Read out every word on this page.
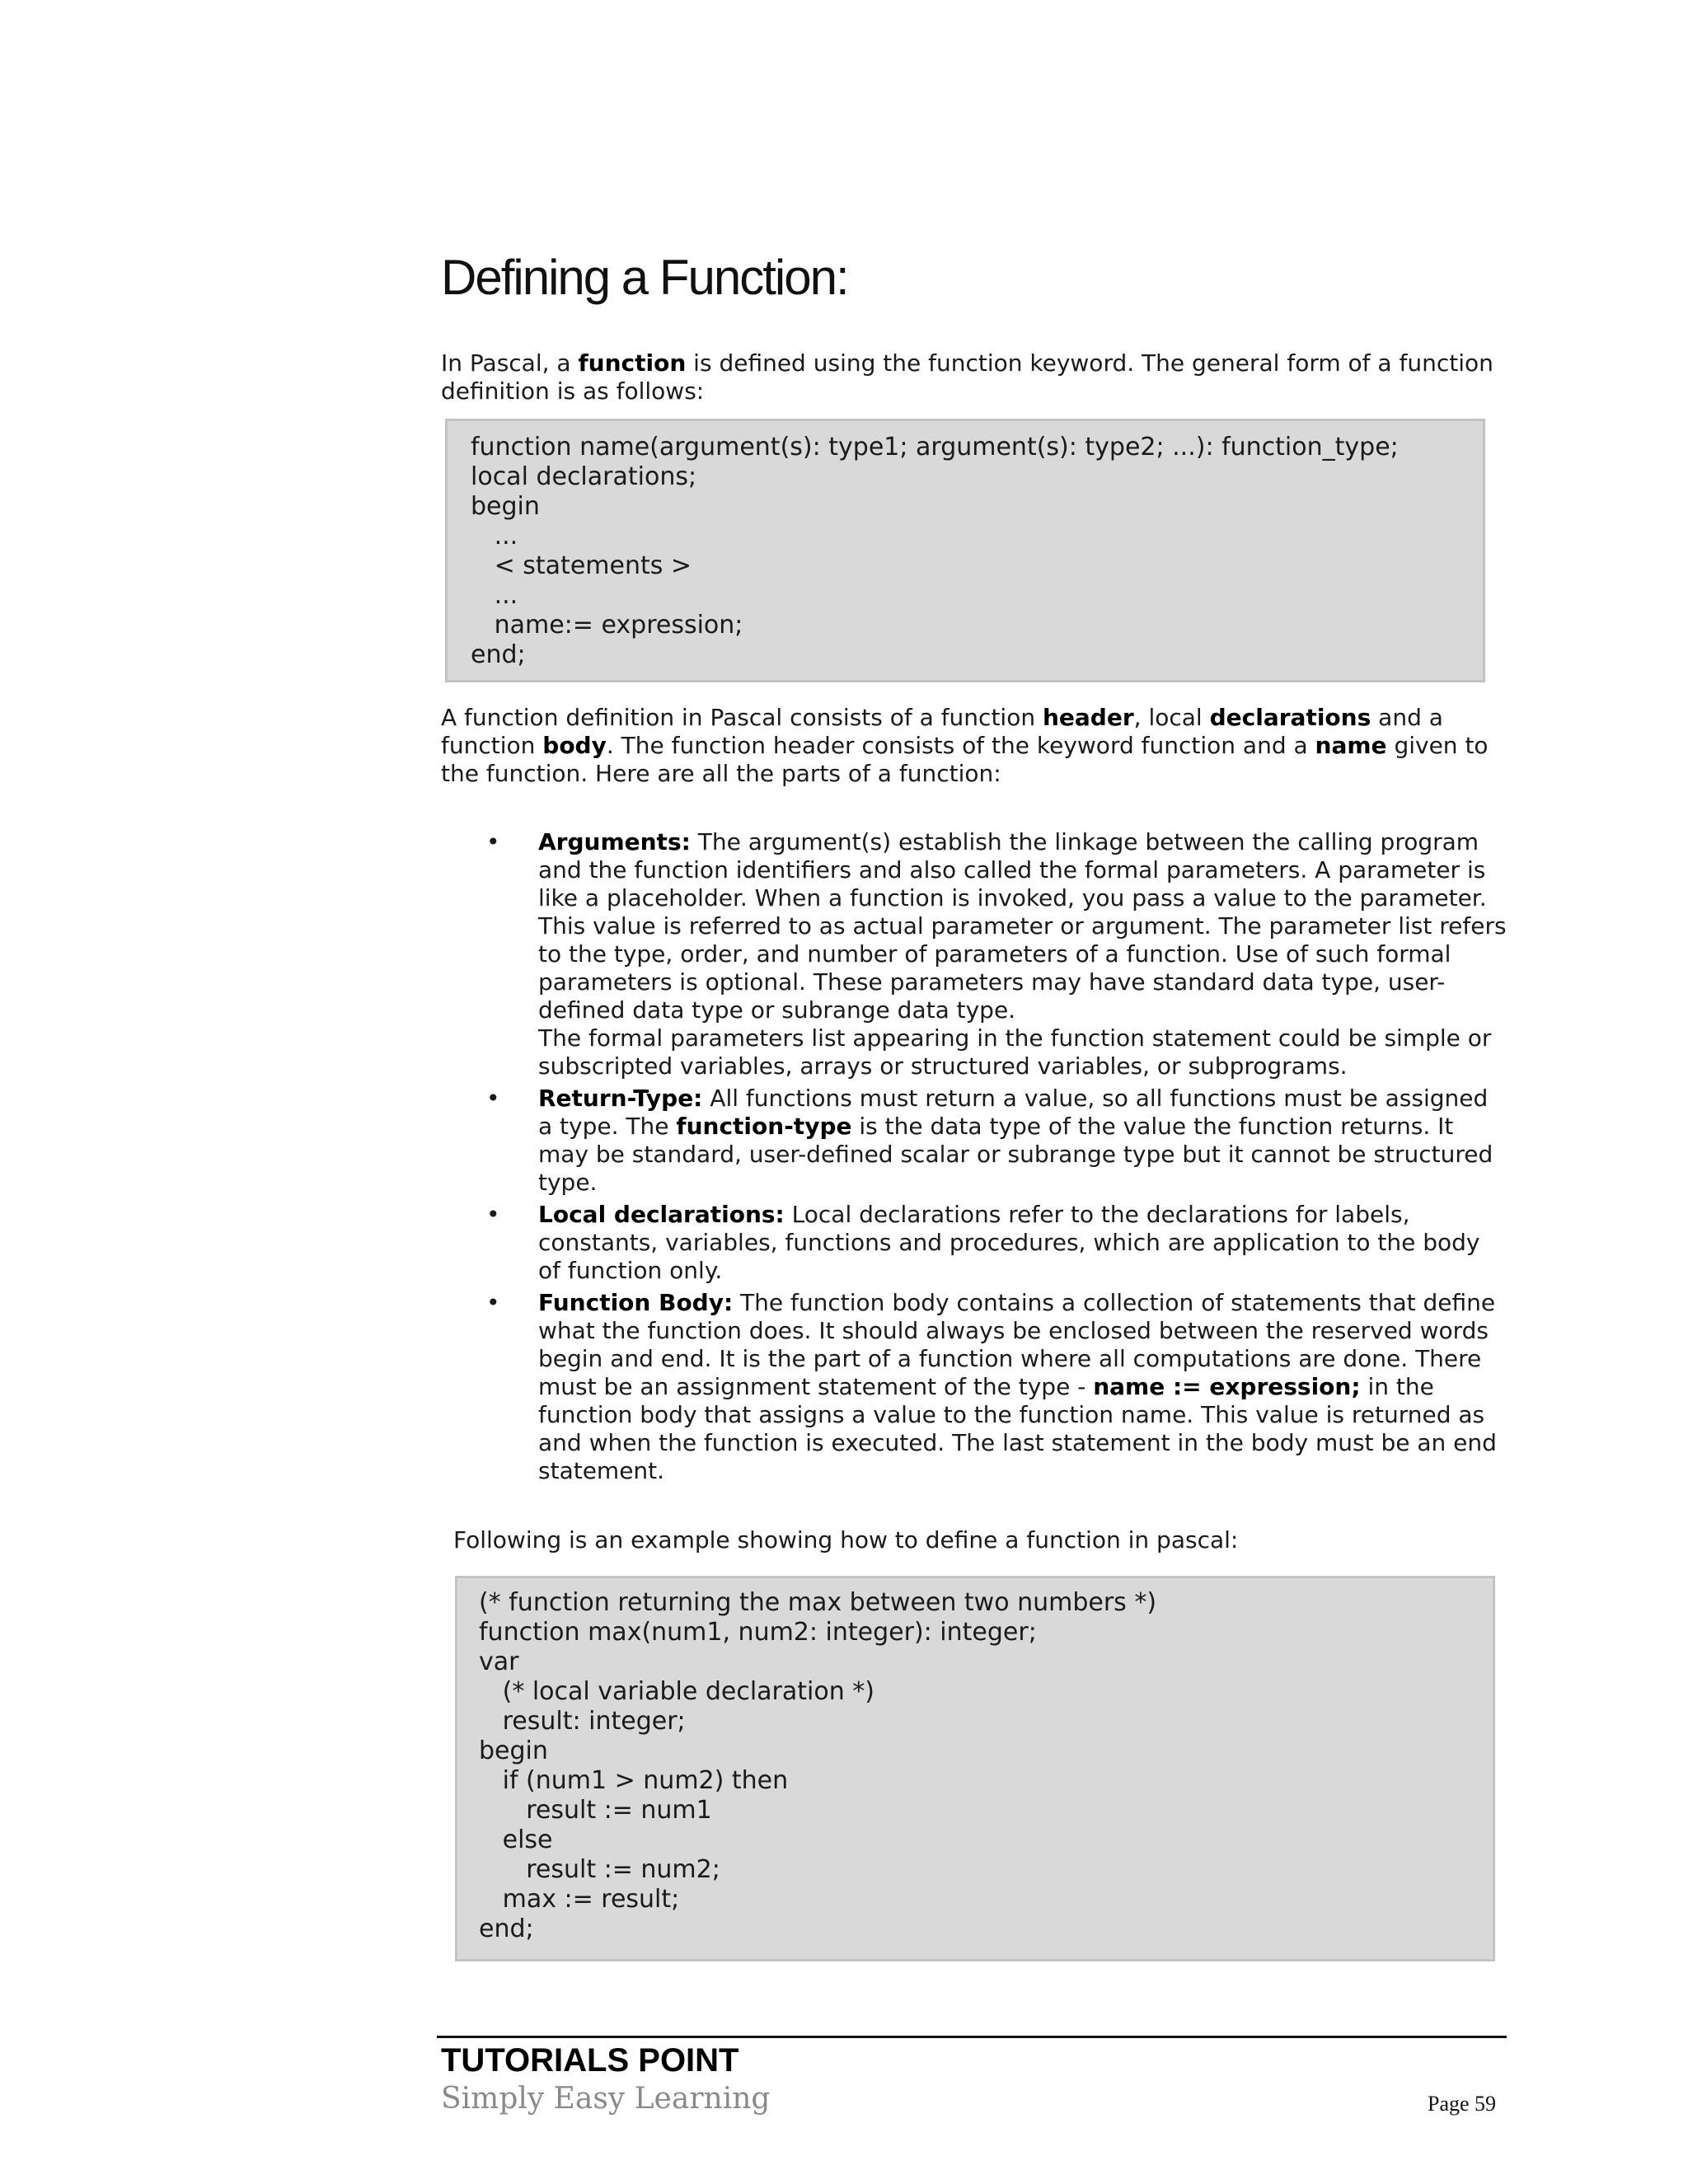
Defining a Function:

In Pascal, a function is defined using the function keyword. The general form of a function definition is as follows:

function name(argument(s): type1; argument(s): type2; ...): function_type;
local declarations;
begin
...
< statements >
...
name:= expression;
end;

A function definition in Pascal consists of a function header, local declarations and a function body. The function header consists of the keyword function and a name given to the function. Here are all the parts of a function:

• Arguments: The argument(s) establish the linkage between the calling program and the function identifiers and also called the formal parameters. A parameter is like a placeholder. When a function is invoked, you pass a value to the parameter. This value is referred to as actual parameter or argument. The parameter list refers to the type, order, and number of parameters of a function. Use of such formal parameters is optional. These parameters may have standard data type, user-defined data type or subrange data type.
The formal parameters list appearing in the function statement could be simple or subscripted variables, arrays or structured variables, or subprograms.
• Return-Type: All functions must return a value, so all functions must be assigned a type. The function-type is the data type of the value the function returns. It may be standard, user-defined scalar or subrange type but it cannot be structured type.
• Local declarations: Local declarations refer to the declarations for labels, constants, variables, functions and procedures, which are application to the body of function only.
• Function Body: The function body contains a collection of statements that define what the function does. It should always be enclosed between the reserved words begin and end. It is the part of a function where all computations are done. There must be an assignment statement of the type - name := expression; in the function body that assigns a value to the function name. This value is returned as and when the function is executed. The last statement in the body must be an end statement.

Following is an example showing how to define a function in pascal:

(* function returning the max between two numbers *)
function max(num1, num2: integer): integer;
var
(* local variable declaration *)
result: integer;
begin
if (num1 > num2) then
result := num1
else
result := num2;
max := result;
end;
TUTORIALS POINT
Simply Easy Learning	Page 59
